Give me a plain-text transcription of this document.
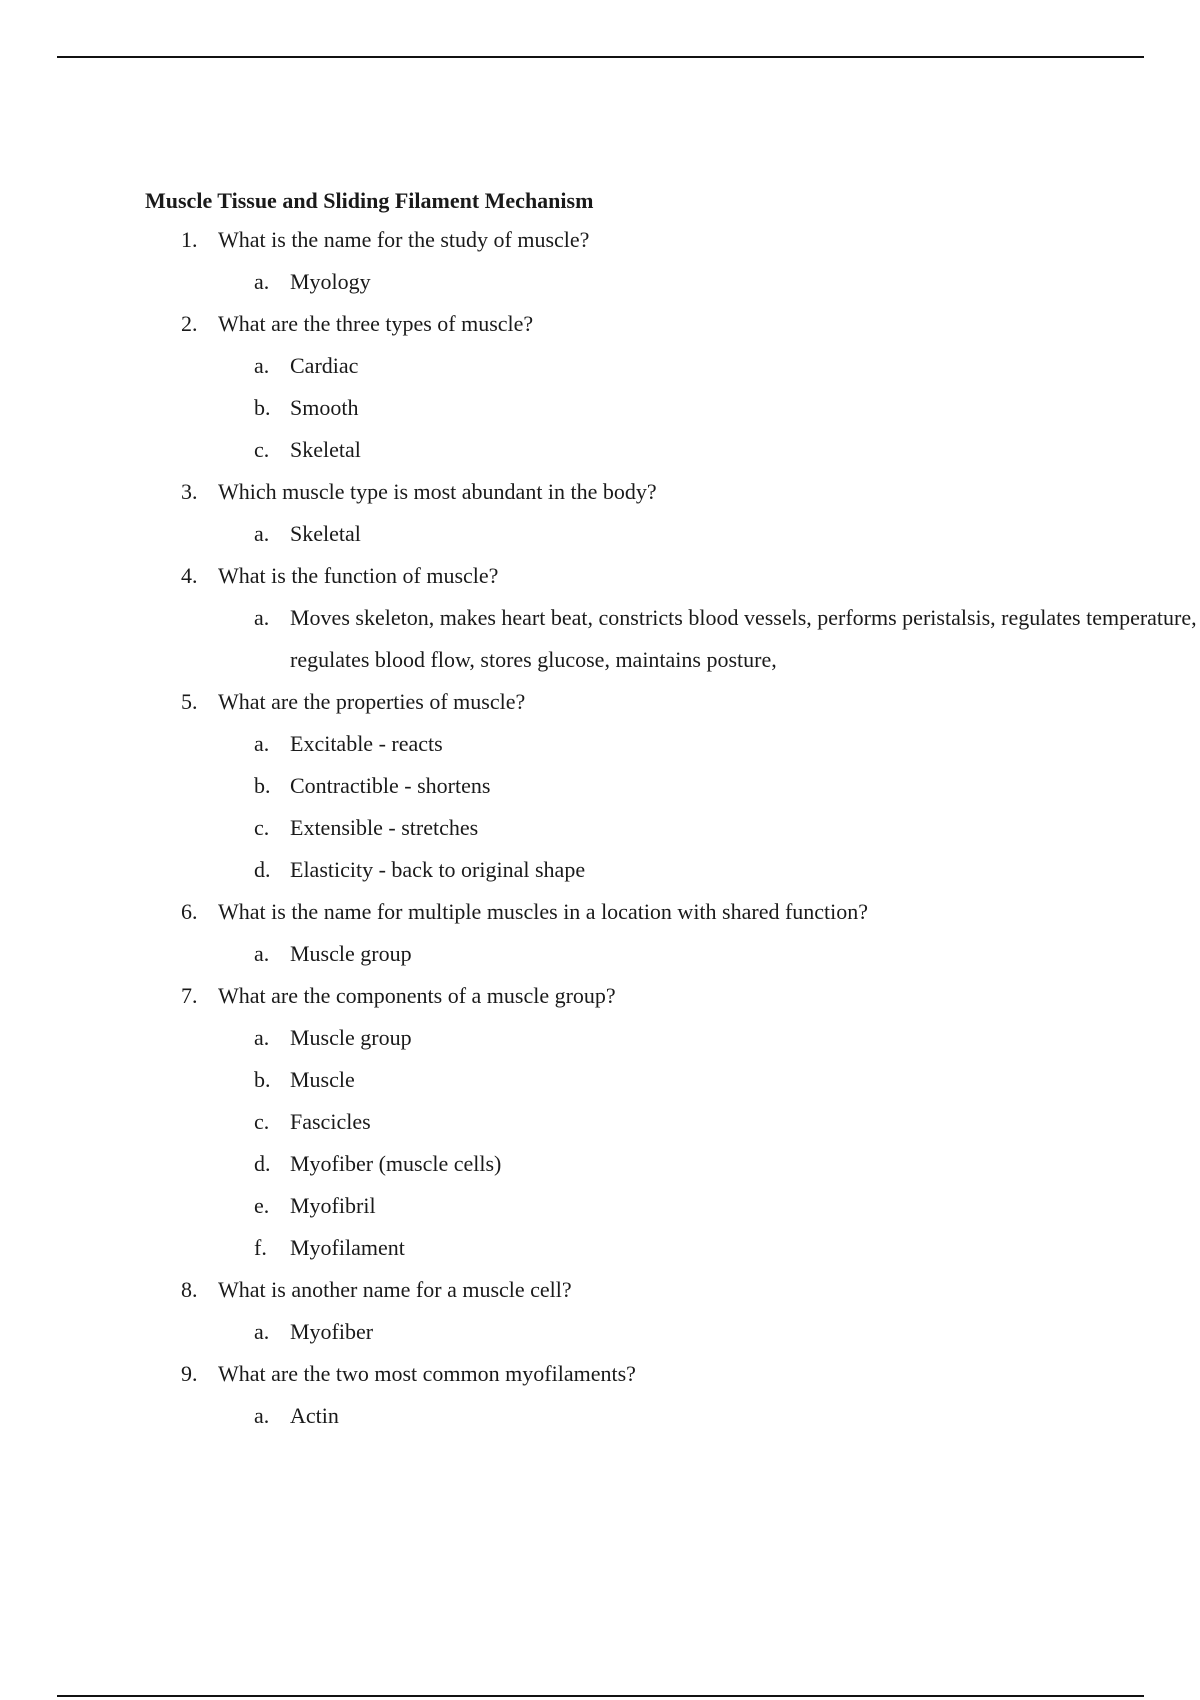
Muscle Tissue and Sliding Filament Mechanism
1. What is the name for the study of muscle?
a. Myology
2. What are the three types of muscle?
a. Cardiac
b. Smooth
c. Skeletal
3. Which muscle type is most abundant in the body?
a. Skeletal
4. What is the function of muscle?
a. Moves skeleton, makes heart beat, constricts blood vessels, performs peristalsis, regulates temperature, regulates blood flow, stores glucose, maintains posture,
5. What are the properties of muscle?
a. Excitable - reacts
b. Contractible - shortens
c. Extensible - stretches
d. Elasticity - back to original shape
6. What is the name for multiple muscles in a location with shared function?
a. Muscle group
7. What are the components of a muscle group?
a. Muscle group
b. Muscle
c. Fascicles
d. Myofiber (muscle cells)
e. Myofibril
f. Myofilament
8. What is another name for a muscle cell?
a. Myofiber
9. What are the two most common myofilaments?
a. Actin
